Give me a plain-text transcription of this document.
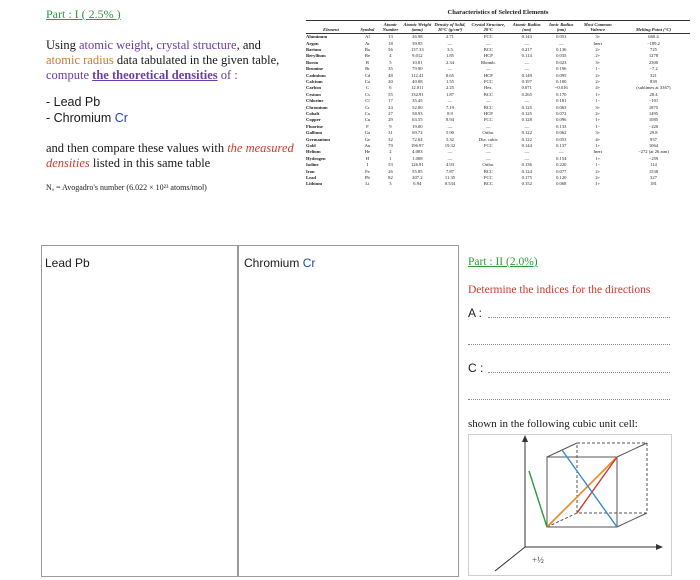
Part : I ( 2.5% )
Using atomic weight, crystal structure, and
atomic radius data tabulated in the given table,
compute the theoretical densities of :
- Lead Pb
- Chromium Cr
and then compare these values with the measured
densities listed in this same table
Nₐ = Avogadro's number (6.022 × 10²³ atoms/mol)
Characteristics of Selected Elements
Element	Symbol	Atomic Number	Atomic Weight (amu)	Density of Solid, 20°C (g/cm³)	Crystal Structure, 20°C	Atomic Radius (nm)	Ionic Radius (nm)	Most Common Valence	Melting Point (°C)
Aluminum	Al	13	26.98	2.71	FCC	0.143	0.053	3+	660.4
Argon	Ar	18	39.95	—	—	—	—	Inert	−189.2
Barium	Ba	56	137.33	3.5	BCC	0.217	0.136	2+	725
Beryllium	Be	4	9.012	1.85	HCP	0.114	0.035	2+	1278
Boron	B	5	10.81	2.34	Rhomb.	—	0.023	3+	2300
Bromine	Br	35	79.90	—	—	—	0.196	1−	−7.2
Cadmium	Cd	48	112.41	8.65	HCP	0.149	0.095	2+	321
Calcium	Ca	20	40.08	1.55	FCC	0.197	0.100	2+	839
Carbon	C	6	12.011	2.25	Hex.	0.071	~0.016	4+	(sublimes at 3367)
Cesium	Cs	55	132.91	1.87	BCC	0.265	0.170	1+	28.4
Chlorine	Cl	17	35.45	—	—	—	0.181	1−	−101
Chromium	Cr	24	52.00	7.19	BCC	0.125	0.063	3+	1875
Cobalt	Co	27	58.93	8.9	HCP	0.125	0.072	2+	1495
Copper	Cu	29	63.55	8.94	FCC	0.128	0.096	1+	1085
Fluorine	F	9	19.00	—	—	—	0.133	1−	−220
Gallium	Ga	31	69.72	5.90	Ortho.	0.122	0.062	3+	29.8
Germanium	Ge	32	72.64	5.32	Dia. cubic	0.122	0.053	4+	937
Gold	Au	79	196.97	19.32	FCC	0.144	0.137	1+	1064
Helium	He	2	4.003	—	—	—	—	Inert	−272 (at 26 atm)
Hydrogen	H	1	1.008	—	—	—	0.154	1+	−259
Iodine	I	53	126.91	4.93	Ortho.	0.136	0.220	1−	114
Iron	Fe	26	55.85	7.87	BCC	0.124	0.077	2+	1538
Lead	Pb	82	207.2	11.35	FCC	0.175	0.120	2+	327
Lithium	Li	3	6.94	0.534	BCC	0.152	0.068	1+	181
Lead Pb	Chromium Cr	Part : II (2.0%)
Determine the indices for the directions
A :
C :
shown in the following cubic unit cell:
+½
